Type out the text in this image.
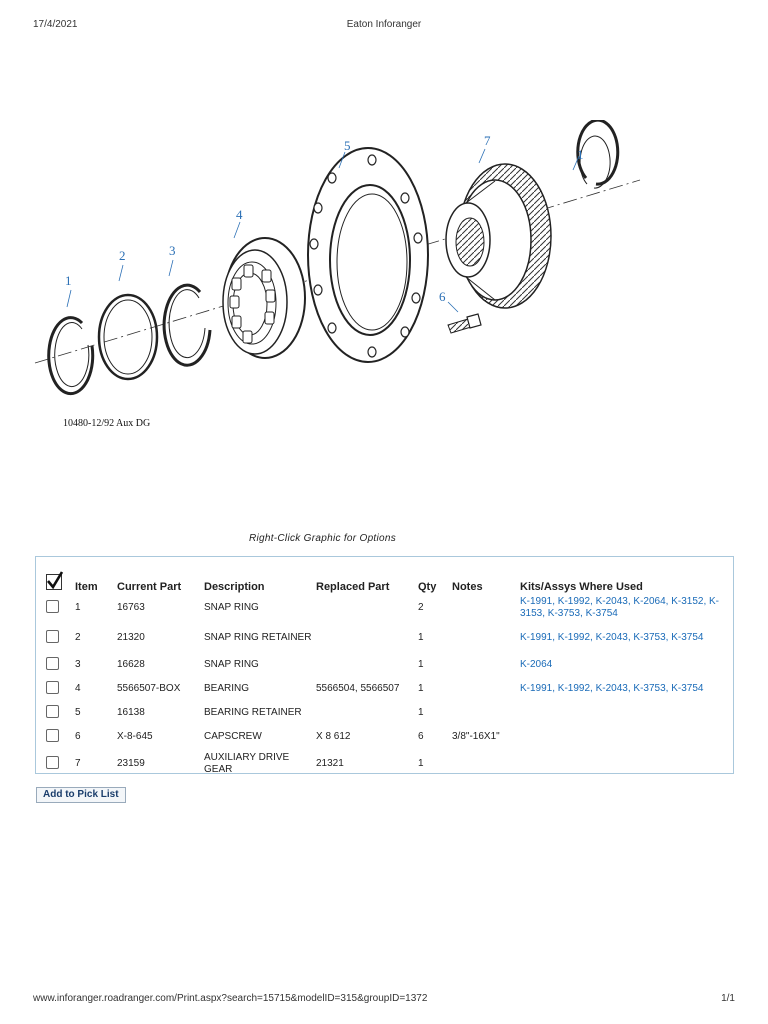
17/4/2021	Eaton Inforanger
1
2	3
4
5	7
1
6
10480-12/92 Aux DG
Right-Click Graphic for Options
	Item	Current Part	Description	Replaced Part	Qty	Notes	Kits/Assys Where Used
	1	16763	SNAP RING		2		K-1991, K-1992, K-2043, K-2064, K-3152, K-3153, K-3753, K-3754
	2	21320	SNAP RING RETAINER		1		K-1991, K-1992, K-2043, K-3753, K-3754
	3	16628	SNAP RING		1		K-2064
	4	5566507-BOX	BEARING	5566504, 5566507	1		K-1991, K-1992, K-2043, K-3753, K-3754
	5	16138	BEARING RETAINER		1		
	6	X-8-645	CAPSCREW	X 8 612	6	3/8"-16X1"	
	7	23159	AUXILIARY DRIVE GEAR	21321	1		
Add to Pick List
www.inforanger.roadranger.com/Print.aspx?search=15715&modelID=315&groupID=1372	1/1
